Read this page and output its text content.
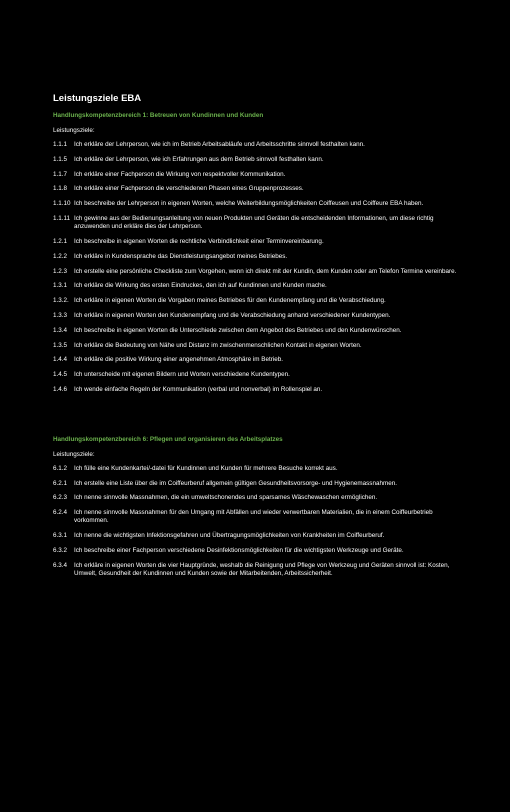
Leistungsziele EBA
Handlungskompetenzbereich 1: Betreuen von Kundinnen und Kunden
Leistungsziele:
1.1.1	Ich erkläre der Lehrperson, wie ich im Betrieb Arbeitsabläufe und Arbeitsschritte sinnvoll festhalten kann.
1.1.5	Ich erkläre der Lehrperson, wie ich Erfahrungen aus dem Betrieb sinnvoll festhalten kann.
1.1.7	Ich erkläre einer Fachperson die Wirkung von respektvoller Kommunikation.
1.1.8	Ich erkläre einer Fachperson die verschiedenen Phasen eines Gruppenprozesses.
1.1.10 Ich beschreibe der Lehrperson in eigenen Worten, welche Weiterbildungsmöglichkeiten Coiffeusen und Coiffeure EBA haben.
1.1.11 Ich gewinne aus der Bedienungsanleitung von neuen Produkten und Geräten die entscheidenden Informationen, um diese richtig anzuwenden und erkläre dies der Lehrperson.
1.2.1	Ich beschreibe in eigenen Worten die rechtliche Verbindlichkeit einer Terminvereinbarung.
1.2.2	Ich erkläre in Kundensprache das Dienstleistungsangebot meines Betriebes.
1.2.3	Ich erstelle eine persönliche Checkliste zum Vorgehen, wenn ich direkt mit der Kundin, dem Kunden oder am Telefon Termine vereinbare.
1.3.1	Ich erkläre die Wirkung des ersten Eindruckes, den ich auf Kundinnen und Kunden mache.
1.3.2. Ich erkläre in eigenen Worten die Vorgaben meines Betriebes für den Kundenempfang und die Verabschiedung.
1.3.3	Ich erkläre in eigenen Worten den Kundenempfang und die Verabschiedung anhand verschiedener Kundentypen.
1.3.4	Ich beschreibe in eigenen Worten die Unterschiede zwischen dem Angebot des Betriebes und den Kundenwünschen.
1.3.5	Ich erkläre die Bedeutung von Nähe und Distanz im zwischenmenschlichen Kontakt in eigenen Worten.
1.4.4	Ich erkläre die positive Wirkung einer angenehmen Atmosphäre im Betrieb.
1.4.5	Ich unterscheide mit eigenen Bildern und Worten verschiedene Kundentypen.
1.4.6	Ich wende einfache Regeln der Kommunikation (verbal und nonverbal) im Rollenspiel an.
Handlungskompetenzbereich 6: Pflegen und organisieren des Arbeitsplatzes
Leistungsziele:
6.1.2	Ich fülle eine Kundenkartei/-datei für Kundinnen und Kunden für mehrere Besuche korrekt aus.
6.2.1	Ich erstelle eine Liste über die im Coiffeurberuf allgemein gültigen Gesundheitsvorsorge- und Hygienemassnahmen.
6.2.3	Ich nenne sinnvolle Massnahmen, die ein umweltschonendes und sparsames Wäschewaschen ermöglichen.
6.2.4	Ich nenne sinnvolle Massnahmen für den Umgang mit Abfällen und wieder verwertbaren Materialien, die in einem Coiffeurbetrieb vorkommen.
6.3.1	Ich nenne die wichtigsten Infektionsgefahren und Übertragungsmöglichkeiten von Krankheiten im Coiffeurberuf.
6.3.2	Ich beschreibe einer Fachperson verschiedene Desinfektionsmöglichkeiten für die wichtigsten Werkzeuge und Geräte.
6.3.4	Ich erkläre in eigenen Worten die vier Hauptgründe, weshalb die Reinigung und Pflege von Werkzeug und Geräten sinnvoll ist: Kosten, Umwelt, Gesundheit der Kundinnen und Kunden sowie der Mitarbeitenden, Arbeitssicherheit.
